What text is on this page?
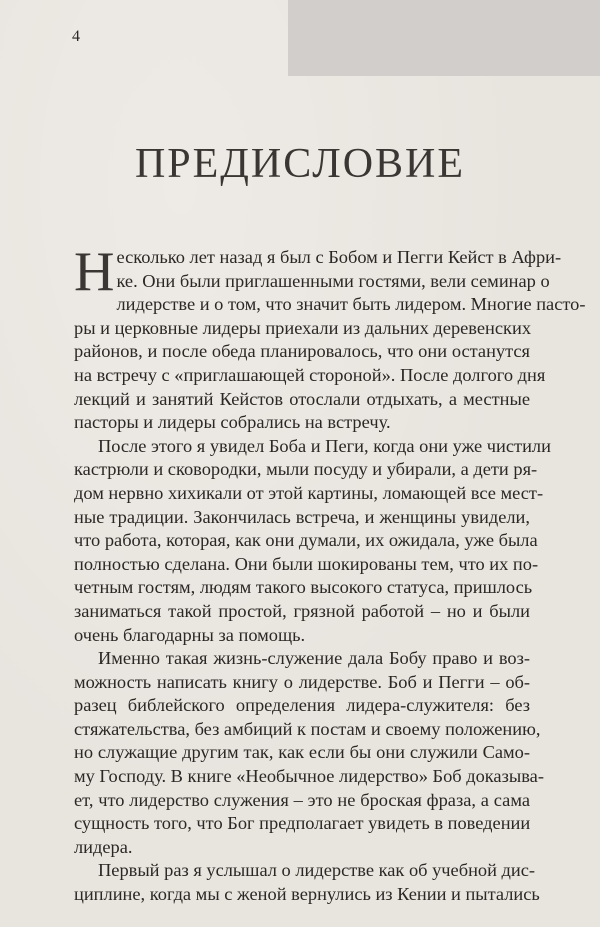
4
ПРЕДИСЛОВИЕ
Н есколько лет назад я был с Бобом и Пегги Кейст в Афри-
ке. Они были приглашенными гостями, вели семинар о
лидерстве и о том, что значит быть лидером. Многие пасто-
ры и церковные лидеры приехали из дальних деревенских
районов, и после обеда планировалось, что они останутся
на встречу с «приглашающей стороной». После долгого дня
лекций и занятий Кейстов отослали отдыхать, а местные
пасторы и лидеры собрались на встречу.
После этого я увидел Боба и Пеги, когда они уже чистили
кастрюли и сковородки, мыли посуду и убирали, а дети ря-
дом нервно хихикали от этой картины, ломающей все мест-
ные традиции. Закончилась встреча, и женщины увидели,
что работа, которая, как они думали, их ожидала, уже была
полностью сделана. Они были шокированы тем, что их по-
четным гостям, людям такого высокого статуса, пришлось
заниматься такой простой, грязной работой – но и были
очень благодарны за помощь.
Именно такая жизнь-служение дала Бобу право и воз-
можность написать книгу о лидерстве. Боб и Пегги – об-
разец библейского определения лидера-служителя: без
стяжательства, без амбиций к постам и своему положению,
но служащие другим так, как если бы они служили Само-
му Господу. В книге «Необычное лидерство» Боб доказыва-
ет, что лидерство служения – это не броская фраза, а сама
сущность того, что Бог предполагает увидеть в поведении
лидера.
Первый раз я услышал о лидерстве как об учебной дис-
циплине, когда мы с женой вернулись из Кении и пытались
